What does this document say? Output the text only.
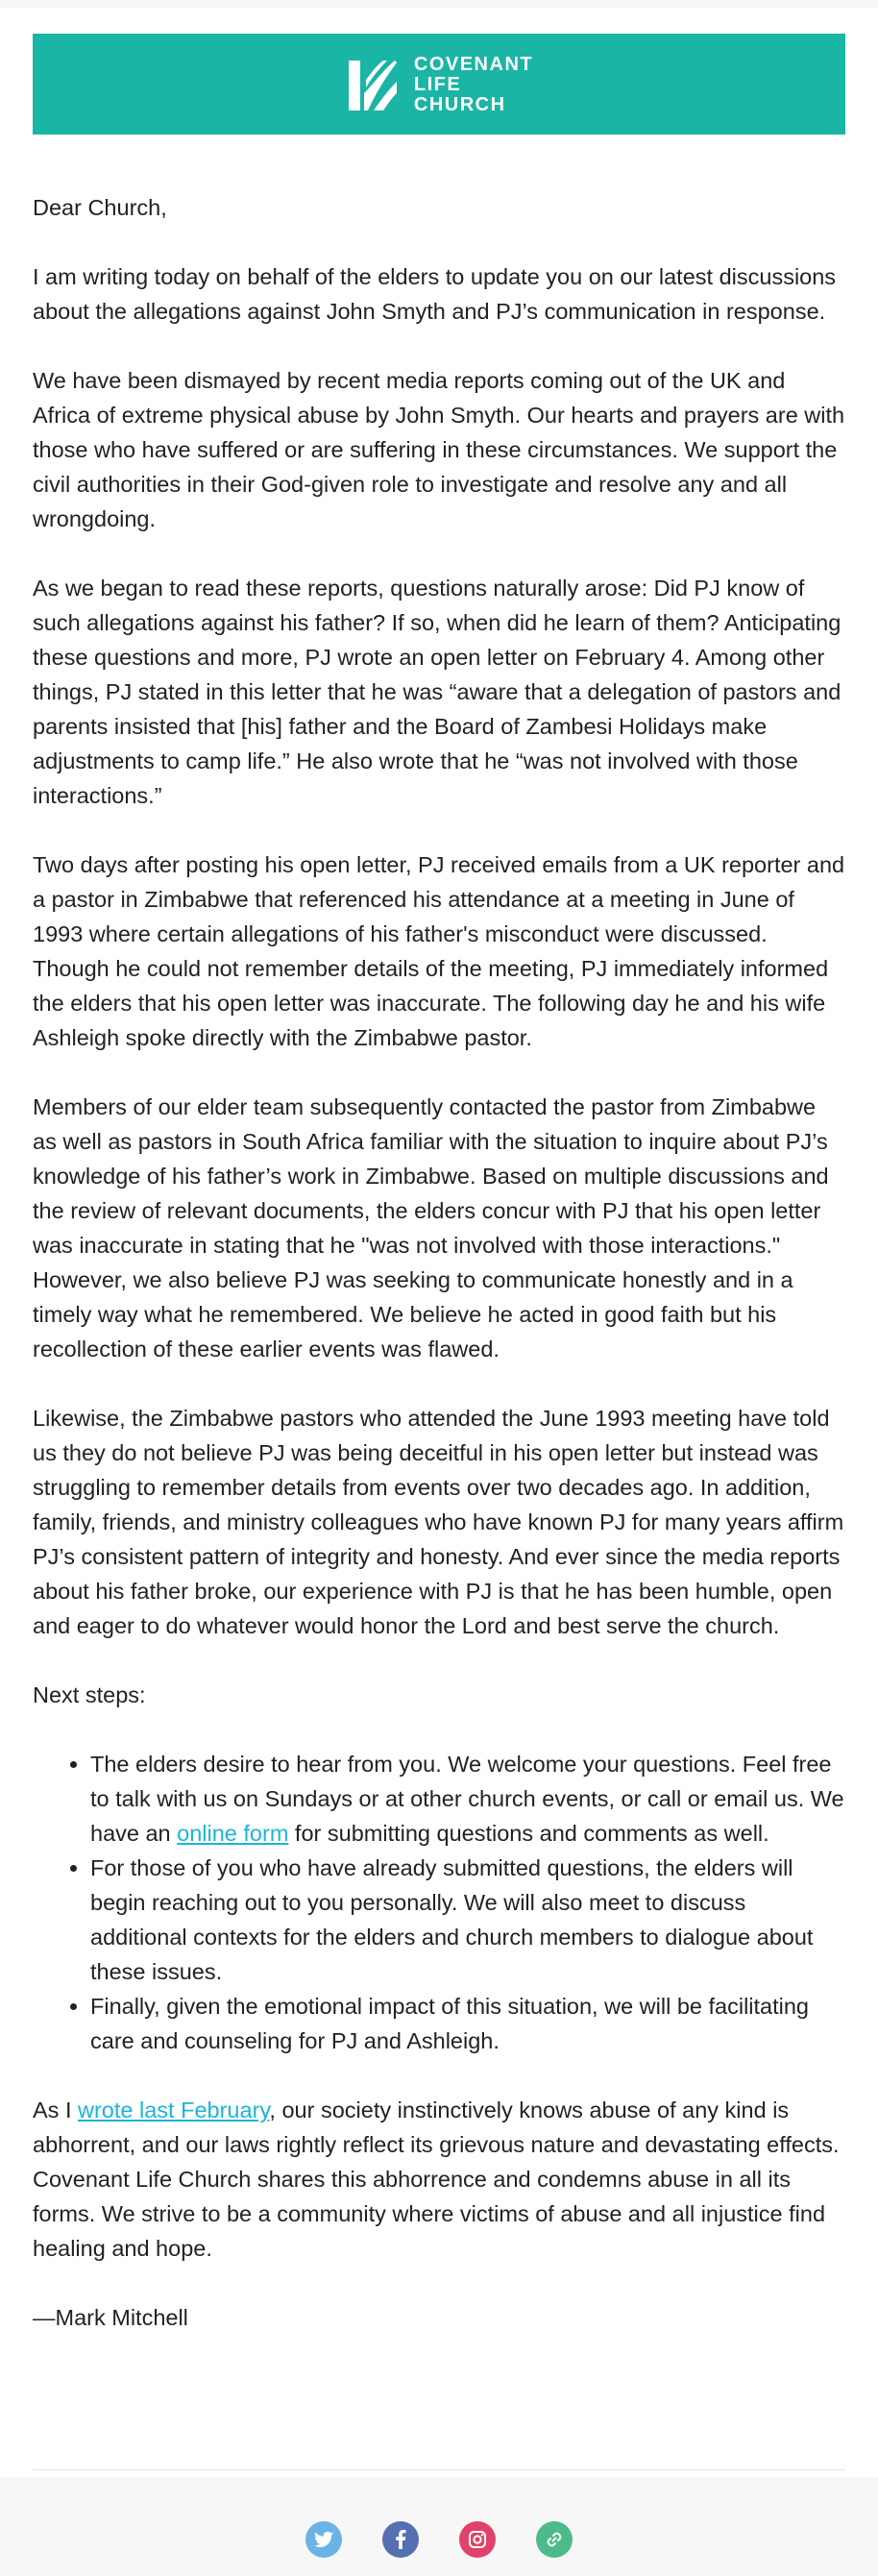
COVENANT
LIFE
CHURCH

Dear Church,

I am writing today on behalf of the elders to update you on our latest discussions about the allegations against John Smyth and PJ’s communication in response.

We have been dismayed by recent media reports coming out of the UK and Africa of extreme physical abuse by John Smyth. Our hearts and prayers are with those who have suffered or are suffering in these circumstances. We support the civil authorities in their God-given role to investigate and resolve any and all wrongdoing.

As we began to read these reports, questions naturally arose: Did PJ know of such allegations against his father? If so, when did he learn of them? Anticipating these questions and more, PJ wrote an open letter on February 4. Among other things, PJ stated in this letter that he was “aware that a delegation of pastors and parents insisted that [his] father and the Board of Zambesi Holidays make adjustments to camp life.” He also wrote that he “was not involved with those interactions.”

Two days after posting his open letter, PJ received emails from a UK reporter and a pastor in Zimbabwe that referenced his attendance at a meeting in June of 1993 where certain allegations of his father's misconduct were discussed. Though he could not remember details of the meeting, PJ immediately informed the elders that his open letter was inaccurate. The following day he and his wife Ashleigh spoke directly with the Zimbabwe pastor.

Members of our elder team subsequently contacted the pastor from Zimbabwe as well as pastors in South Africa familiar with the situation to inquire about PJ’s knowledge of his father’s work in Zimbabwe. Based on multiple discussions and the review of relevant documents, the elders concur with PJ that his open letter was inaccurate in stating that he "was not involved with those interactions." However, we also believe PJ was seeking to communicate honestly and in a timely way what he remembered. We believe he acted in good faith but his recollection of these earlier events was flawed.

Likewise, the Zimbabwe pastors who attended the June 1993 meeting have told us they do not believe PJ was being deceitful in his open letter but instead was struggling to remember details from events over two decades ago. In addition, family, friends, and ministry colleagues who have known PJ for many years affirm PJ’s consistent pattern of integrity and honesty. And ever since the media reports about his father broke, our experience with PJ is that he has been humble, open and eager to do whatever would honor the Lord and best serve the church.

Next steps:

• The elders desire to hear from you. We welcome your questions. Feel free to talk with us on Sundays or at other church events, or call or email us. We have an online form for submitting questions and comments as well.
• For those of you who have already submitted questions, the elders will begin reaching out to you personally. We will also meet to discuss additional contexts for the elders and church members to dialogue about these issues.
• Finally, given the emotional impact of this situation, we will be facilitating care and counseling for PJ and Ashleigh.

As I wrote last February, our society instinctively knows abuse of any kind is abhorrent, and our laws rightly reflect its grievous nature and devastating effects. Covenant Life Church shares this abhorrence and condemns abuse in all its forms. We strive to be a community where victims of abuse and all injustice find healing and hope.

—Mark Mitchell
